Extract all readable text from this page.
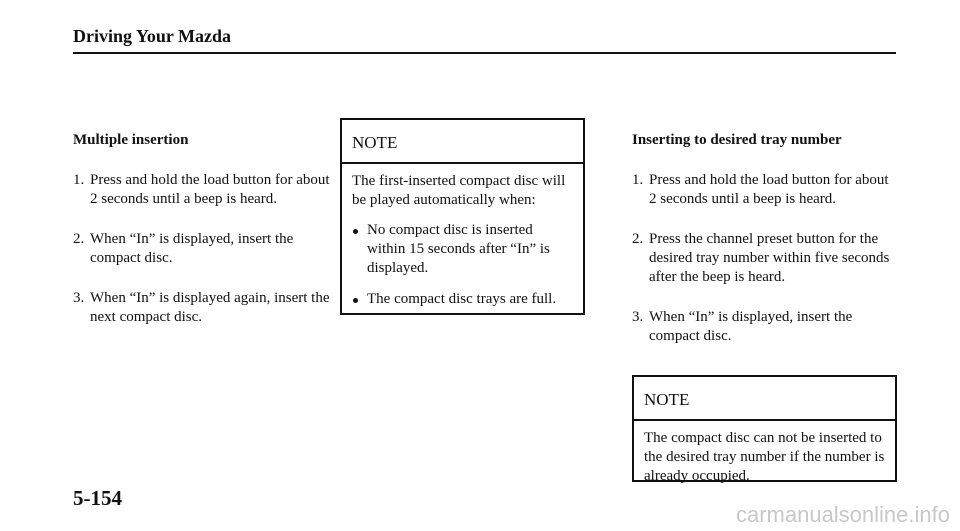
Driving Your Mazda
Multiple insertion
1. Press and hold the load button for about 2 seconds until a beep is heard.
2. When “In” is displayed, insert the compact disc.
3. When “In” is displayed again, insert the next compact disc.
NOTE

The first-inserted compact disc will be played automatically when:

No compact disc is inserted within 15 seconds after “In” is displayed.
The compact disc trays are full.
Inserting to desired tray number
1. Press and hold the load button for about 2 seconds until a beep is heard.
2. Press the channel preset button for the desired tray number within five seconds after the beep is heard.
3. When “In” is displayed, insert the compact disc.
NOTE

The compact disc can not be inserted to the desired tray number if the number is already occupied.

5-154
carmanualsonline.info
